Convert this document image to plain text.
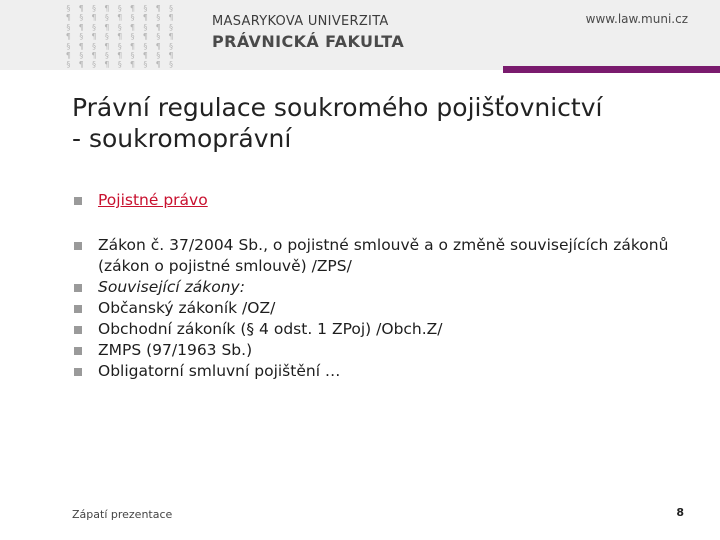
§ ¶ § ¶ § ¶ § ¶ §
¶ § ¶ § ¶ § ¶ § ¶
§ ¶ § ¶ § ¶ § ¶ §
¶ § ¶ § ¶ § ¶ § ¶
§ ¶ § ¶ § ¶ § ¶ §
¶ § ¶ § ¶ § ¶ § ¶
§ ¶ § ¶ § ¶ § ¶ §
MASARYKOVA UNIVERZITA
PRÁVNICKÁ FAKULTA
www.law.muni.cz
Právní regulace soukromého pojišťovnictví
- soukromoprávní
Pojistné právo
Zákon č. 37/2004 Sb., o pojistné smlouvě a o změně souvisejících zákonů (zákon o pojistné smlouvě) /ZPS/
Související zákony:
Občanský zákoník /OZ/
Obchodní zákoník (§ 4 odst. 1 ZPoj) /Obch.Z/
ZMPS (97/1963 Sb.)
Obligatorní smluvní pojištění …
Zápatí prezentace	8
